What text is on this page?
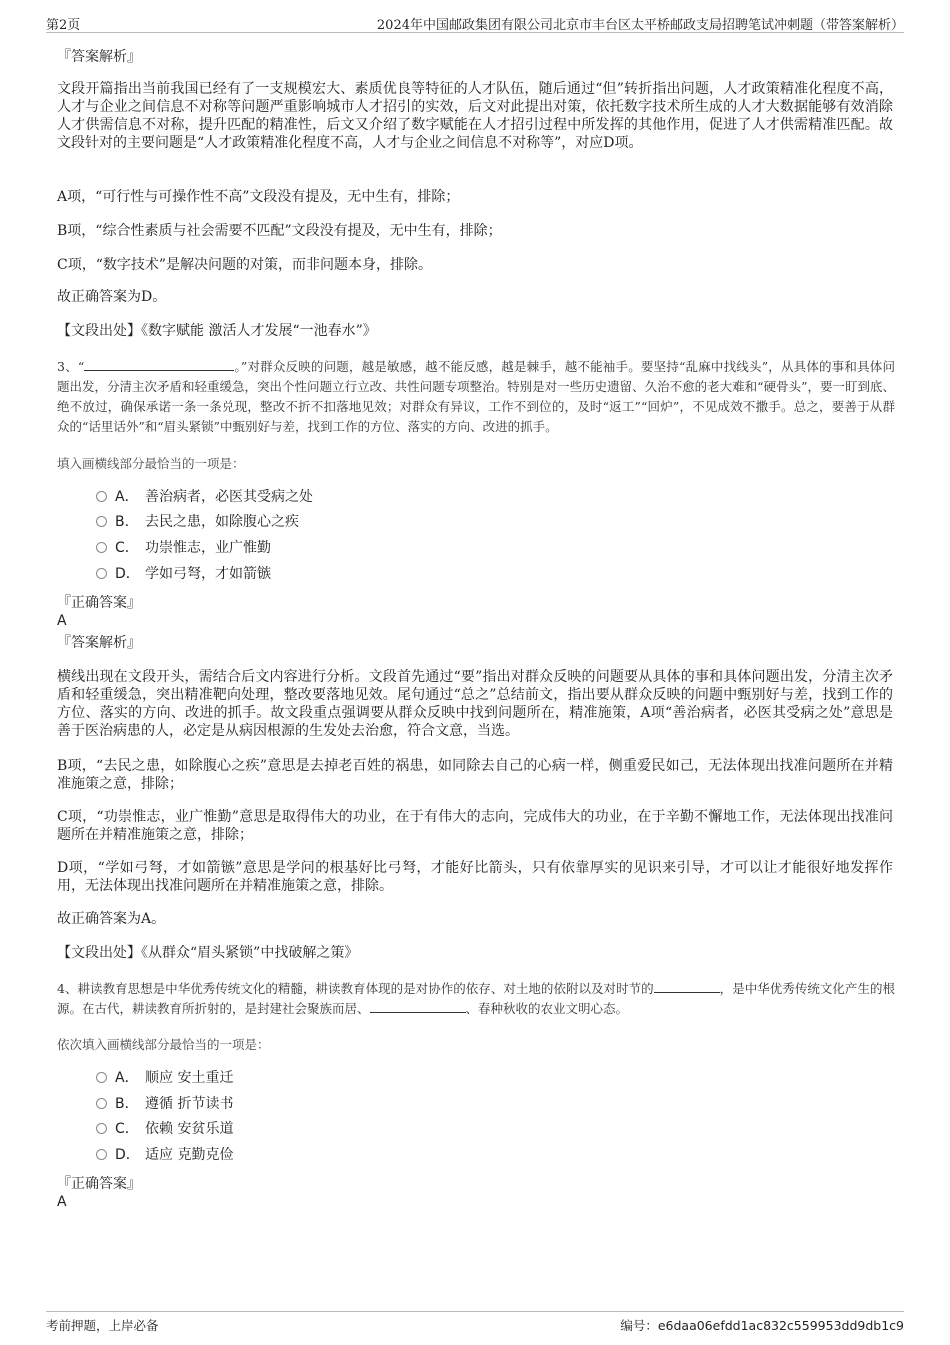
第2页	2024年中国邮政集团有限公司北京市丰台区太平桥邮政支局招聘笔试冲刺题（带答案解析）
『答案解析』
文段开篇指出当前我国已经有了一支规模宏大、素质优良等特征的人才队伍，随后通过“但”转折指出问题，人才政策精准化程度不高，人才与企业之间信息不对称等问题严重影响城市人才招引的实效，后文对此提出对策，依托数字技术所生成的人才大数据能够有效消除人才供需信息不对称，提升匹配的精准性，后文又介绍了数字赋能在人才招引过程中所发挥的其他作用，促进了人才供需精准匹配。故文段针对的主要问题是“人才政策精准化程度不高，人才与企业之间信息不对称等”，对应D项。
A项，“可行性与可操作性不高”文段没有提及，无中生有，排除；
B项，“综合性素质与社会需要不匹配”文段没有提及，无中生有，排除；
C项，“数字技术”是解决问题的对策，而非问题本身，排除。
故正确答案为D。
【文段出处】《数字赋能 激活人才发展“一池春水”》
3、“	。”对群众反映的问题，越是敏感，越不能反感，越是棘手，越不能袖手。要坚持“乱麻中找线头”，从具体的事和具体问题出发，分清主次矛盾和轻重缓急，突出个性问题立行立改、共性问题专项整治。特别是对一些历史遗留、久治不愈的老大难和“硬骨头”，要一盯到底、绝不放过，确保承诺一条一条兑现，整改不折不扣落地见效；对群众有异议，工作不到位的，及时“返工”“回炉”，不见成效不撒手。总之，要善于从群众的“话里话外”和“眉头紧锁”中甄别好与差，找到工作的方位、落实的方向、改进的抓手。
填入画横线部分最恰当的一项是：
A． 善治病者，必医其受病之处
B． 去民之患，如除腹心之疾
C． 功崇惟志，业广惟勤
D． 学如弓弩，才如箭镞
『正确答案』
A
『答案解析』
横线出现在文段开头，需结合后文内容进行分析。文段首先通过“要”指出对群众反映的问题要从具体的事和具体问题出发，分清主次矛盾和轻重缓急，突出精准靶向处理，整改要落地见效。尾句通过“总之”总结前文，指出要从群众反映的问题中甄别好与差，找到工作的方位、落实的方向、改进的抓手。故文段重点强调要从群众反映中找到问题所在，精准施策，A项“善治病者，必医其受病之处”意思是善于医治病患的人，必定是从病因根源的生发处去治愈，符合文意，当选。
B项，“去民之患，如除腹心之疾”意思是去掉老百姓的祸患，如同除去自己的心病一样，侧重爱民如己，无法体现出找准问题所在并精准施策之意，排除；
C项，“功崇惟志，业广惟勤”意思是取得伟大的功业，在于有伟大的志向，完成伟大的功业，在于辛勤不懈地工作，无法体现出找准问题所在并精准施策之意，排除；
D项，“学如弓弩，才如箭镞”意思是学问的根基好比弓弩，才能好比箭头，只有依靠厚实的见识来引导，才可以让才能很好地发挥作用，无法体现出找准问题所在并精准施策之意，排除。
故正确答案为A。
【文段出处】《从群众“眉头紧锁”中找破解之策》
4、耕读教育思想是中华优秀传统文化的精髓，耕读教育体现的是对协作的依存、对土地的依附以及对时节的	，是中华优秀传统文化产生的根源。在古代，耕读教育所折射的，是封建社会聚族而居、	、春种秋收的农业文明心态。
依次填入画横线部分最恰当的一项是：
A． 顺应 安土重迁
B． 遵循 折节读书
C． 依赖 安贫乐道
D． 适应 克勤克俭
『正确答案』
A
考前押题，上岸必备	编号：e6daa06efdd1ac832c559953dd9db1c9
